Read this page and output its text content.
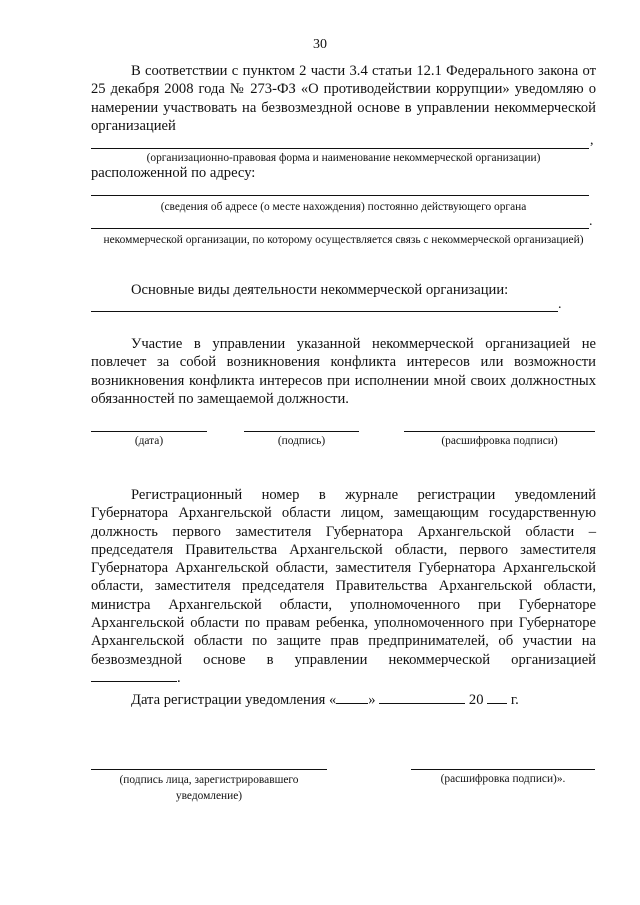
30
В соответствии с пунктом 2 части 3.4 статьи 12.1 Федерального закона от 25 декабря 2008 года № 273-ФЗ «О противодействии коррупции» уведомляю о намерении участвовать на безвозмездной основе в управлении некоммерческой организацией
,
(организационно-правовая форма и наименование некоммерческой организации)
расположенной по адресу:
(сведения об адресе (о месте нахождения) постоянно действующего органа
.
некоммерческой организации, по которому осуществляется связь с некоммерческой организацией)
Основные виды деятельности некоммерческой организации:
.
Участие в управлении указанной некоммерческой организацией не повлечет за собой возникновения конфликта интересов или возможности возникновения конфликта интересов при исполнении мной своих должностных обязанностей по замещаемой должности.
(дата)	(подпись)	(расшифровка подписи)
Регистрационный номер в журнале регистрации уведомлений Губернатора Архангельской области лицом, замещающим государственную должность первого заместителя Губернатора Архангельской области – председателя Правительства Архангельской области, первого заместителя Губернатора Архангельской области, заместителя Губернатора Архангельской области, заместителя председателя Правительства Архангельской области, министра Архангельской области, уполномоченного при Губернаторе Архангельской области по правам ребенка, уполномоченного при Губернаторе Архангельской области по защите прав предпринимателей, об участии на безвозмездной основе в управлении некоммерческой организацией .
Дата регистрации уведомления « »	20 г.
(подпись лица, зарегистрировавшего уведомление)
(расшифровка подписи)».
